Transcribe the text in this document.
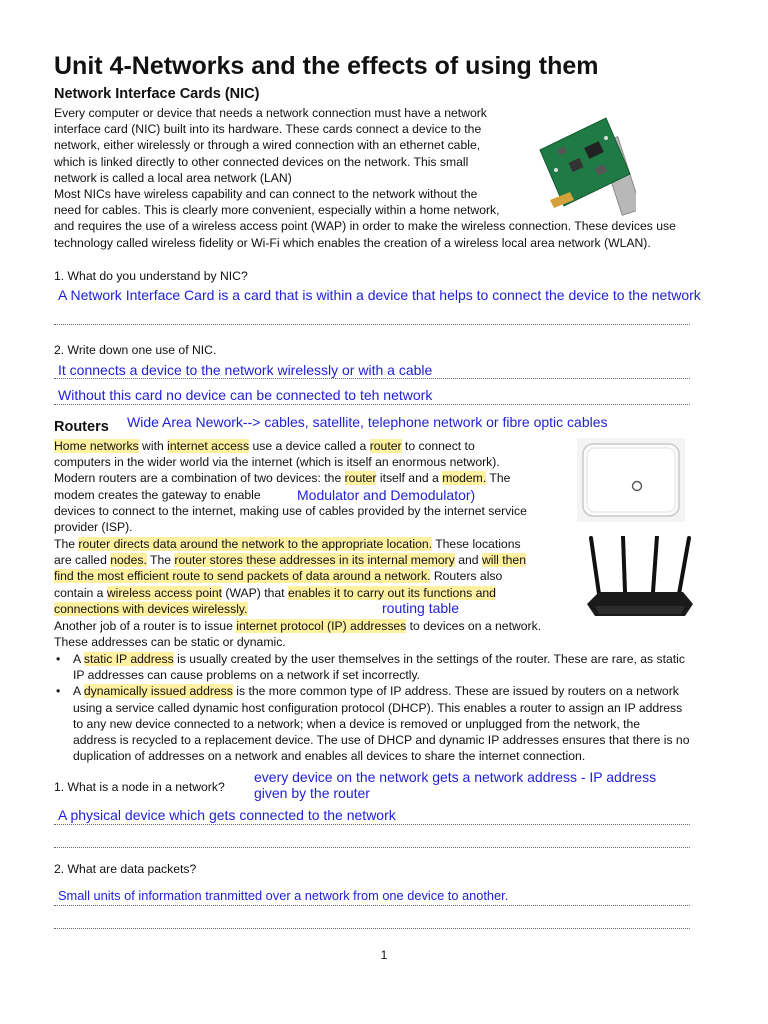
Unit 4-Networks and the effects of using them
Network Interface Cards (NIC)
Every computer or device that needs a network connection must have a network
interface card (NIC) built into its hardware. These cards connect a device to the
network, either wirelessly or through a wired connection with an ethernet cable,
which is linked directly to other connected devices on the network. This small
network is called a local area network (LAN)
Most NICs have wireless capability and can connect to the network without the
need for cables. This is clearly more convenient, especially within a home network,
and requires the use of a wireless access point (WAP) in order to make the wireless connection. These devices use
technology called wireless fidelity or Wi-Fi which enables the creation of a wireless local area network (WLAN).
1. What do you understand by NIC?
A Network Interface Card is a card that is within a device that helps to connect the device to the network
2. Write down one use of NIC.
It connects a device to the network wirelessly or with a cable
Without this card no device can be connected to teh network
Routers Wide Area Nework--> cables, satellite, telephone network or fibre optic cables
Home networks with internet access use a device called a router to connect to
computers in the wider world via the internet (which is itself an enormous network).
Modern routers are a combination of two devices: the router itself and a modem. The
modem creates the gateway to enable
devices to connect to the internet, making use of cables provided by the internet service
provider (ISP).
Modulator and Demodulator)
The router directs data around the network to the appropriate location. These locations
are called nodes. The router stores these addresses in its internal memory and will then
find the most efficient route to send packets of data around a network. Routers also
contain a wireless access point (WAP) that enables it to carry out its functions and
connections with devices wirelessly.	routing table
Another job of a router is to issue internet protocol (IP) addresses to devices on a network.
These addresses can be static or dynamic.
• A static IP address is usually created by the user themselves in the settings of the router. These are rare, as static
IP addresses can cause problems on a network if set incorrectly.
• A dynamically issued address is the more common type of IP address. These are issued by routers on a network
using a service called dynamic host configuration protocol (DHCP). This enables a router to assign an IP address
to any new device connected to a network; when a device is removed or unplugged from the network, the
address is recycled to a replacement device. The use of DHCP and dynamic IP addresses ensures that there is no
duplication of addresses on a network and enables all devices to share the internet connection.
1. What is a node in a network?
every device on the network gets a network address - IP address
given by the router
A physical device which gets connected to the network
2. What are data packets?
Small units of information tranmitted over a network from one device to another.
1
